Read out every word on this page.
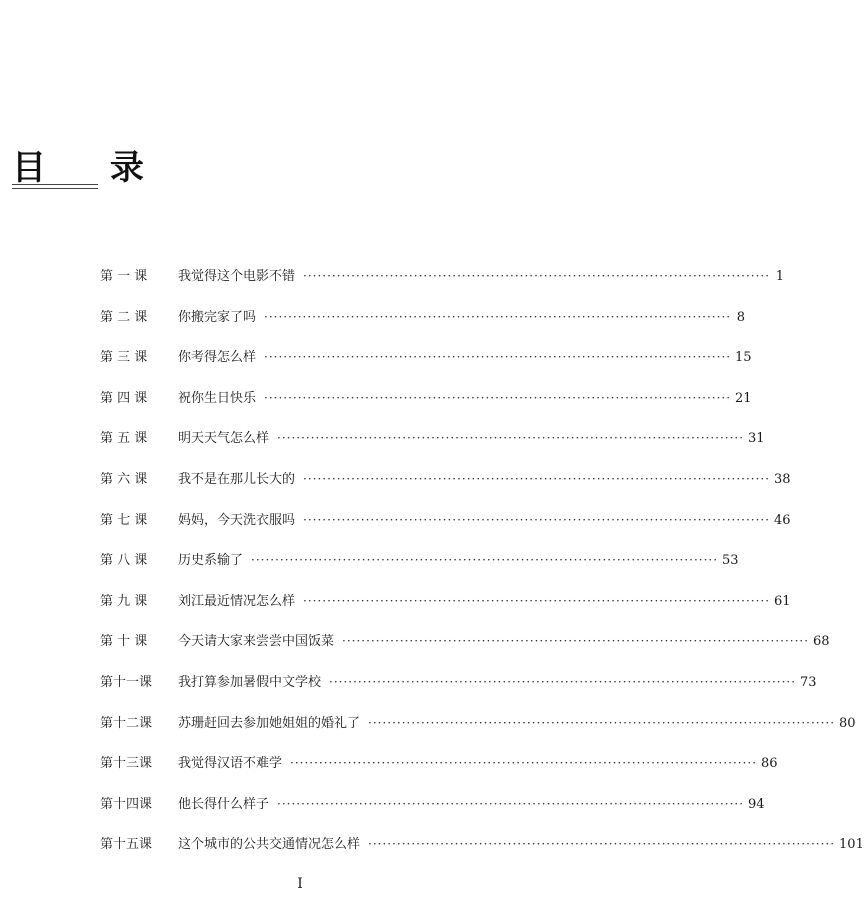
目 录
第 一 课	我觉得这个电影不错 ································································································· 1
第 二 课	你搬完家了吗 ································································································· 8
第 三 课	你考得怎么样 ································································································· 15
第 四 课	祝你生日快乐 ································································································· 21
第 五 课	明天天气怎么样 ································································································· 31
第 六 课	我不是在那儿长大的 ································································································· 38
第 七 课	妈妈，今天洗衣服吗 ································································································· 46
第 八 课	历史系输了 ································································································· 53
第 九 课	刘江最近情况怎么样 ································································································· 61
第 十 课	今天请大家来尝尝中国饭菜 ································································································· 68
第十一课	我打算参加暑假中文学校 ································································································· 73
第十二课	苏珊赶回去参加她姐姐的婚礼了 ································································································· 80
第十三课	我觉得汉语不难学 ································································································· 86
第十四课	他长得什么样子 ································································································· 94
第十五课	这个城市的公共交通情况怎么样 ································································································· 101
I
